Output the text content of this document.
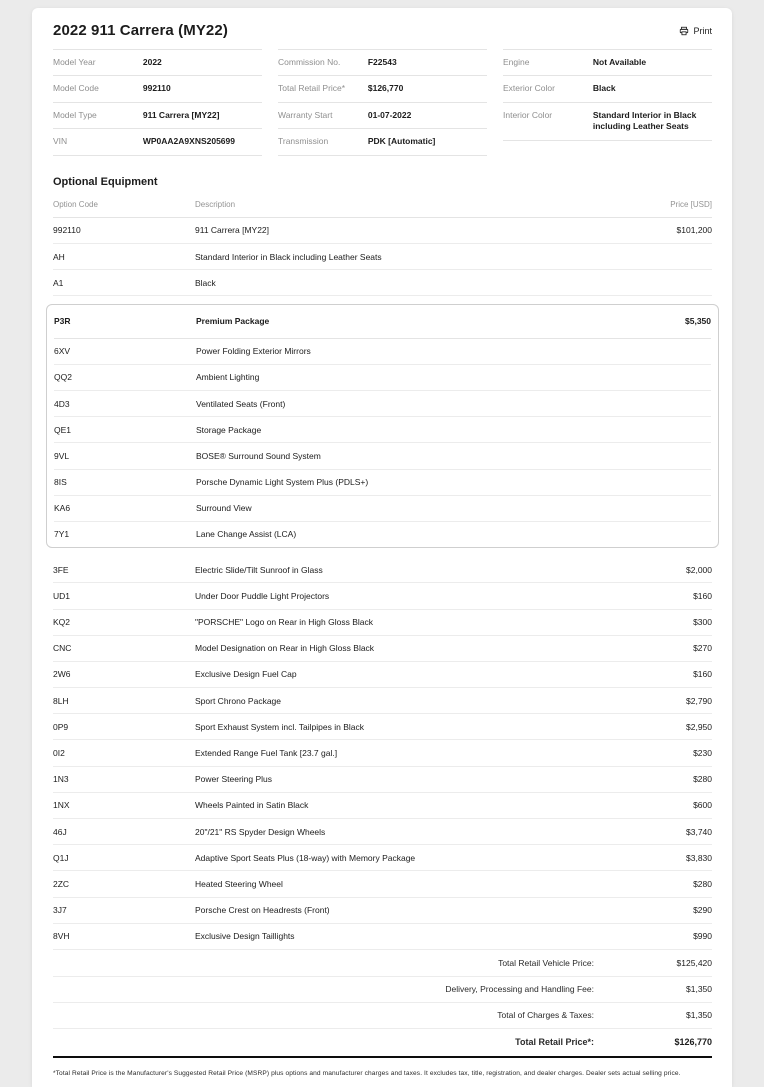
2022 911 Carrera (MY22)	Print
Model Year	2022
Model Code	992110
Model Type	911 Carrera [MY22]
VIN	WP0AA2A9XNS205699
Commission No.	F22543
Total Retail Price*	$126,770
Warranty Start	01-07-2022
Transmission	PDK [Automatic]
Engine	Not Available
Exterior Color	Black
Interior Color	Standard Interior in Black including Leather Seats
Optional Equipment
Option Code	Description	Price [USD]
992110	911 Carrera [MY22]	$101,200
AH	Standard Interior in Black including Leather Seats
A1	Black
P3R	Premium Package	$5,350
6XV	Power Folding Exterior Mirrors
QQ2	Ambient Lighting
4D3	Ventilated Seats (Front)
QE1	Storage Package
9VL	BOSE® Surround Sound System
8IS	Porsche Dynamic Light System Plus (PDLS+)
KA6	Surround View
7Y1	Lane Change Assist (LCA)
3FE	Electric Slide/Tilt Sunroof in Glass	$2,000
UD1	Under Door Puddle Light Projectors	$160
KQ2	"PORSCHE" Logo on Rear in High Gloss Black	$300
CNC	Model Designation on Rear in High Gloss Black	$270
2W6	Exclusive Design Fuel Cap	$160
8LH	Sport Chrono Package	$2,790
0P9	Sport Exhaust System incl. Tailpipes in Black	$2,950
0I2	Extended Range Fuel Tank [23.7 gal.]	$230
1N3	Power Steering Plus	$280
1NX	Wheels Painted in Satin Black	$600
46J	20"/21" RS Spyder Design Wheels	$3,740
Q1J	Adaptive Sport Seats Plus (18-way) with Memory Package	$3,830
2ZC	Heated Steering Wheel	$280
3J7	Porsche Crest on Headrests (Front)	$290
8VH	Exclusive Design Taillights	$990
Total Retail Vehicle Price:	$125,420
Delivery, Processing and Handling Fee:	$1,350
Total of Charges & Taxes:	$1,350
Total Retail Price*:	$126,770
*Total Retail Price is the Manufacturer's Suggested Retail Price (MSRP) plus options and manufacturer charges and taxes. It excludes tax, title, registration, and dealer charges. Dealer sets actual selling price.
